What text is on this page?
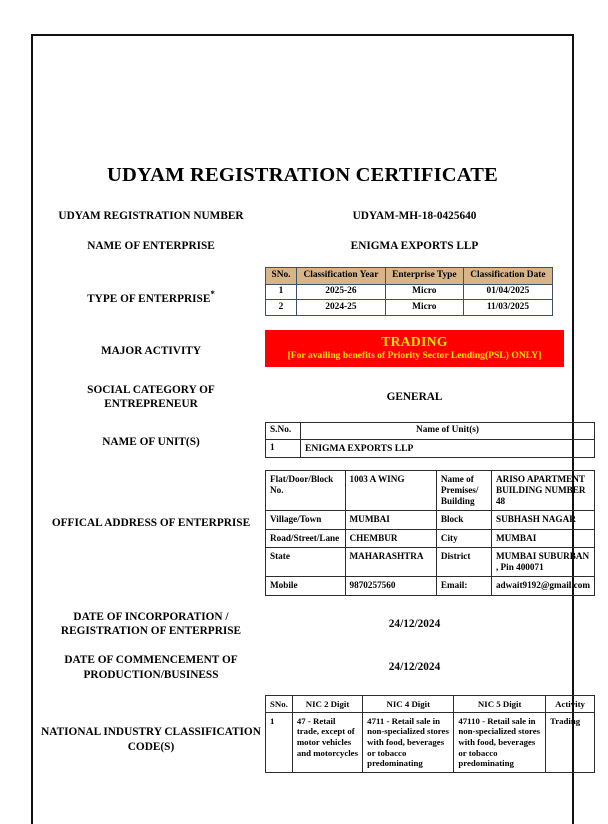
UDYAM REGISTRATION CERTIFICATE
UDYAM REGISTRATION NUMBER	UDYAM-MH-18-0425640
NAME OF ENTERPRISE	ENIGMA EXPORTS LLP
TYPE OF ENTERPRISE*
SNo.	Classification Year	Enterprise Type	Classification Date
1	2025-26	Micro	01/04/2025
2	2024-25	Micro	11/03/2025
MAJOR ACTIVITY
TRADING
[For availing benefits of Priority Sector Lending(PSL) ONLY]
SOCIAL CATEGORY OF ENTREPRENEUR
GENERAL
NAME OF UNIT(S)
S.No.	Name of Unit(s)
1	ENIGMA EXPORTS LLP
OFFICAL ADDRESS OF ENTERPRISE
Flat/Door/Block No.	1003 A WING	Name of Premises/ Building	ARISO APARTMENT BUILDING NUMBER 48
Village/Town	MUMBAI	Block	SUBHASH NAGAR
Road/Street/Lane	CHEMBUR	City	MUMBAI
State	MAHARASHTRA	District	MUMBAI SUBURBAN , Pin 400071
Mobile	9870257560	Email:	adwait9192@gmail.com
DATE OF INCORPORATION / REGISTRATION OF ENTERPRISE
24/12/2024
DATE OF COMMENCEMENT OF PRODUCTION/BUSINESS
24/12/2024
NATIONAL INDUSTRY CLASSIFICATION CODE(S)
SNo.	NIC 2 Digit	NIC 4 Digit	NIC 5 Digit	Activity
1	47 - Retail trade, except of motor vehicles and motorcycles	4711 - Retail sale in non-specialized stores with food, beverages or tobacco predominating	47110 - Retail sale in non-specialized stores with food, beverages or tobacco predominating	Trading
